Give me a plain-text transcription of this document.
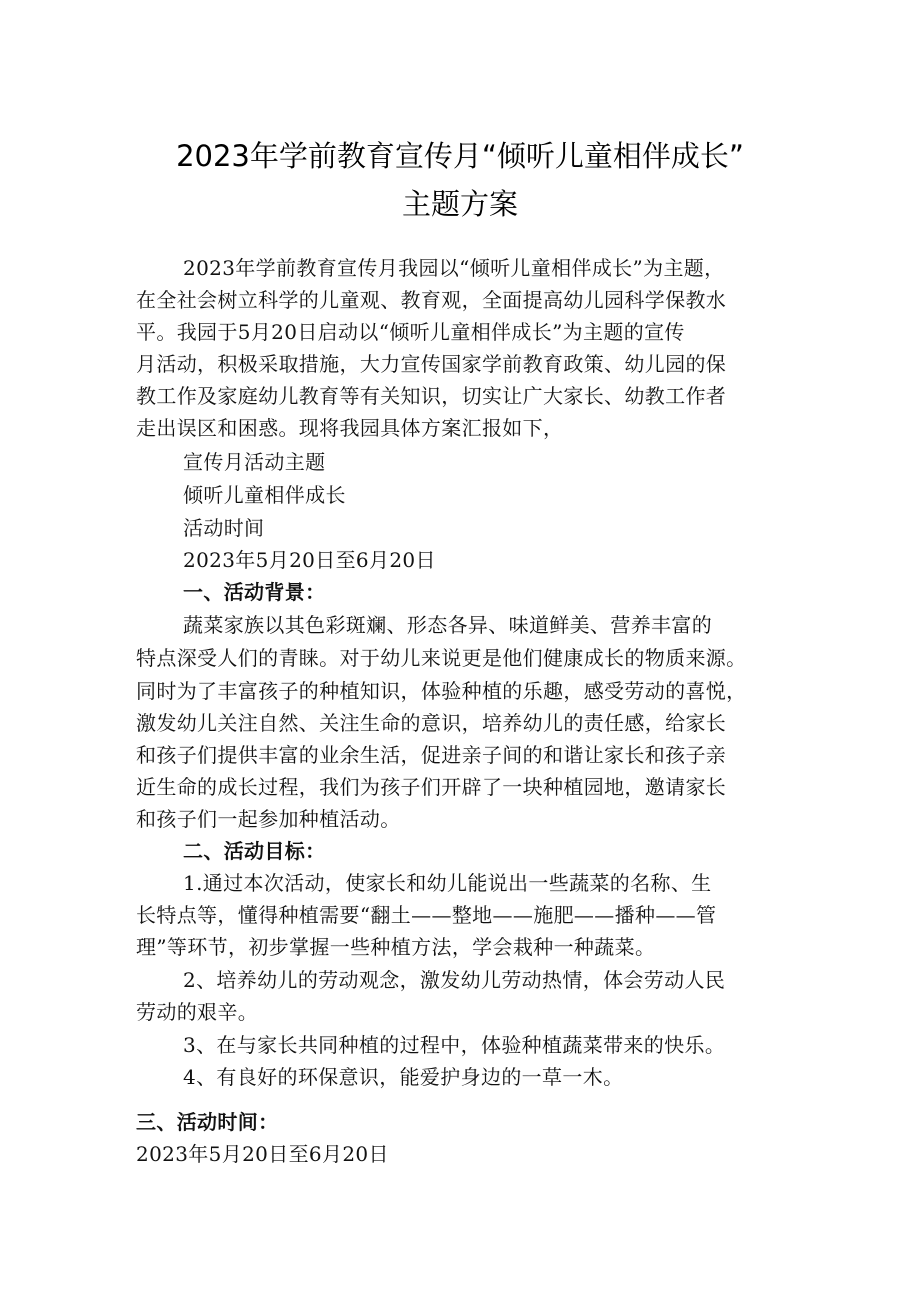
2023年学前教育宣传月“倾听儿童相伴成长”
主题方案
2023年学前教育宣传月我园以“倾听儿童相伴成长”为主题，
在全社会树立科学的儿童观、教育观，全面提高幼儿园科学保教水
平。我园于5月20日启动以“倾听儿童相伴成长”为主题的宣传
月活动，积极采取措施，大力宣传国家学前教育政策、幼儿园的保
教工作及家庭幼儿教育等有关知识，切实让广大家长、幼教工作者
走出误区和困惑。现将我园具体方案汇报如下，
宣传月活动主题
倾听儿童相伴成长
活动时间
2023年5月20日至6月20日
一、活动背景：
蔬菜家族以其色彩斑斓、形态各异、味道鲜美、营养丰富的
特点深受人们的青睐。对于幼儿来说更是他们健康成长的物质来源。
同时为了丰富孩子的种植知识，体验种植的乐趣，感受劳动的喜悦，
激发幼儿关注自然、关注生命的意识，培养幼儿的责任感，给家长
和孩子们提供丰富的业余生活，促进亲子间的和谐让家长和孩子亲
近生命的成长过程，我们为孩子们开辟了一块种植园地，邀请家长
和孩子们一起参加种植活动。
二、活动目标：
1.通过本次活动，使家长和幼儿能说出一些蔬菜的名称、生
长特点等，懂得种植需要“翻土——整地——施肥——播种——管
理”等环节，初步掌握一些种植方法，学会栽种一种蔬菜。
2、培养幼儿的劳动观念，激发幼儿劳动热情，体会劳动人民
劳动的艰辛。
3、在与家长共同种植的过程中，体验种植蔬菜带来的快乐。
4、有良好的环保意识，能爱护身边的一草一木。
三、活动时间：
2023年5月20日至6月20日
